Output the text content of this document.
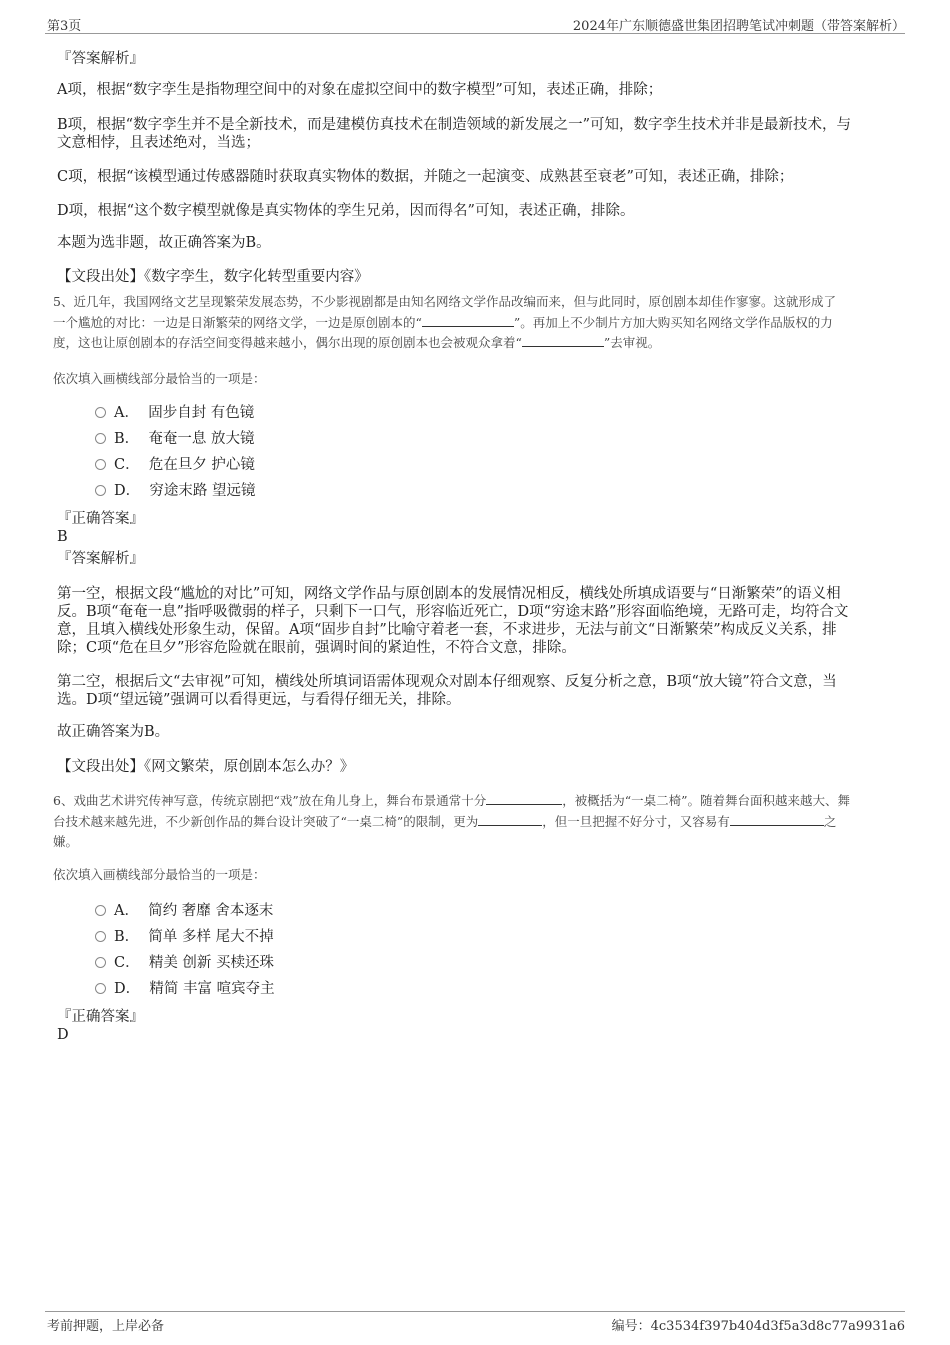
第3页	2024年广东顺德盛世集团招聘笔试冲刺题（带答案解析）
『答案解析』
A项，根据“数字孪生是指物理空间中的对象在虚拟空间中的数字模型”可知，表述正确，排除；
B项，根据“数字孪生并不是全新技术，而是建模仿真技术在制造领域的新发展之一”可知，数字孪生技术并非是最新技术，与
文意相悖，且表述绝对，当选；
C项，根据“该模型通过传感器随时获取真实物体的数据，并随之一起演变、成熟甚至衰老”可知，表述正确，排除；
D项，根据“这个数字模型就像是真实物体的孪生兄弟，因而得名”可知，表述正确，排除。
本题为选非题，故正确答案为B。
【文段出处】《数字孪生，数字化转型重要内容》
5、近几年，我国网络文艺呈现繁荣发展态势，不少影视剧都是由知名网络文学作品改编而来，但与此同时，原创剧本却佳作寥寥。这就形成了
一个尴尬的对比：一边是日渐繁荣的网络文学，一边是原创剧本的“	”。再加上不少制片方加大购买知名网络文学作品版权的力
度，这也让原创剧本的存活空间变得越来越小，偶尔出现的原创剧本也会被观众拿着“	”去审视。
依次填入画横线部分最恰当的一项是：
A． 固步自封 有色镜
B． 奄奄一息 放大镜
C． 危在旦夕 护心镜
D． 穷途末路 望远镜
『正确答案』
B
『答案解析』
第一空，根据文段“尴尬的对比”可知，网络文学作品与原创剧本的发展情况相反，横线处所填成语要与“日渐繁荣”的语义相
反。B项“奄奄一息”指呼吸微弱的样子，只剩下一口气，形容临近死亡，D项“穷途末路”形容面临绝境，无路可走，均符合文
意，且填入横线处形象生动，保留。A项“固步自封”比喻守着老一套，不求进步，无法与前文“日渐繁荣”构成反义关系，排
除；C项“危在旦夕”形容危险就在眼前，强调时间的紧迫性，不符合文意，排除。
第二空，根据后文“去审视”可知，横线处所填词语需体现观众对剧本仔细观察、反复分析之意，B项“放大镜”符合文意，当
选。D项“望远镜”强调可以看得更远，与看得仔细无关，排除。
故正确答案为B。
【文段出处】《网文繁荣，原创剧本怎么办？》
6、戏曲艺术讲究传神写意，传统京剧把“戏”放在角儿身上，舞台布景通常十分	，被概括为“一桌二椅”。随着舞台面积越来越大、舞
台技术越来越先进，不少新创作品的舞台设计突破了“一桌二椅”的限制，更为	，但一旦把握不好分寸，又容易有	之
嫌。
依次填入画横线部分最恰当的一项是：
A． 简约 奢靡 舍本逐末
B． 简单 多样 尾大不掉
C． 精美 创新 买椟还珠
D． 精简 丰富 喧宾夺主
『正确答案』
D
考前押题，上岸必备	编号：4c3534f397b404d3f5a3d8c77a9931a6
